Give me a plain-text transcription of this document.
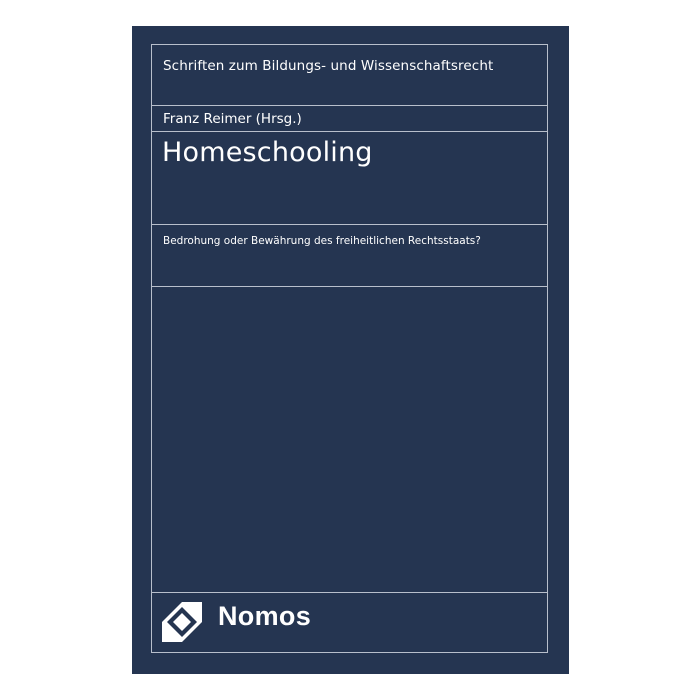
Schriften zum Bildungs- und Wissenschaftsrecht
Franz Reimer (Hrsg.)
Homeschooling
Bedrohung oder Bewährung des freiheitlichen Rechtsstaats?
Nomos
